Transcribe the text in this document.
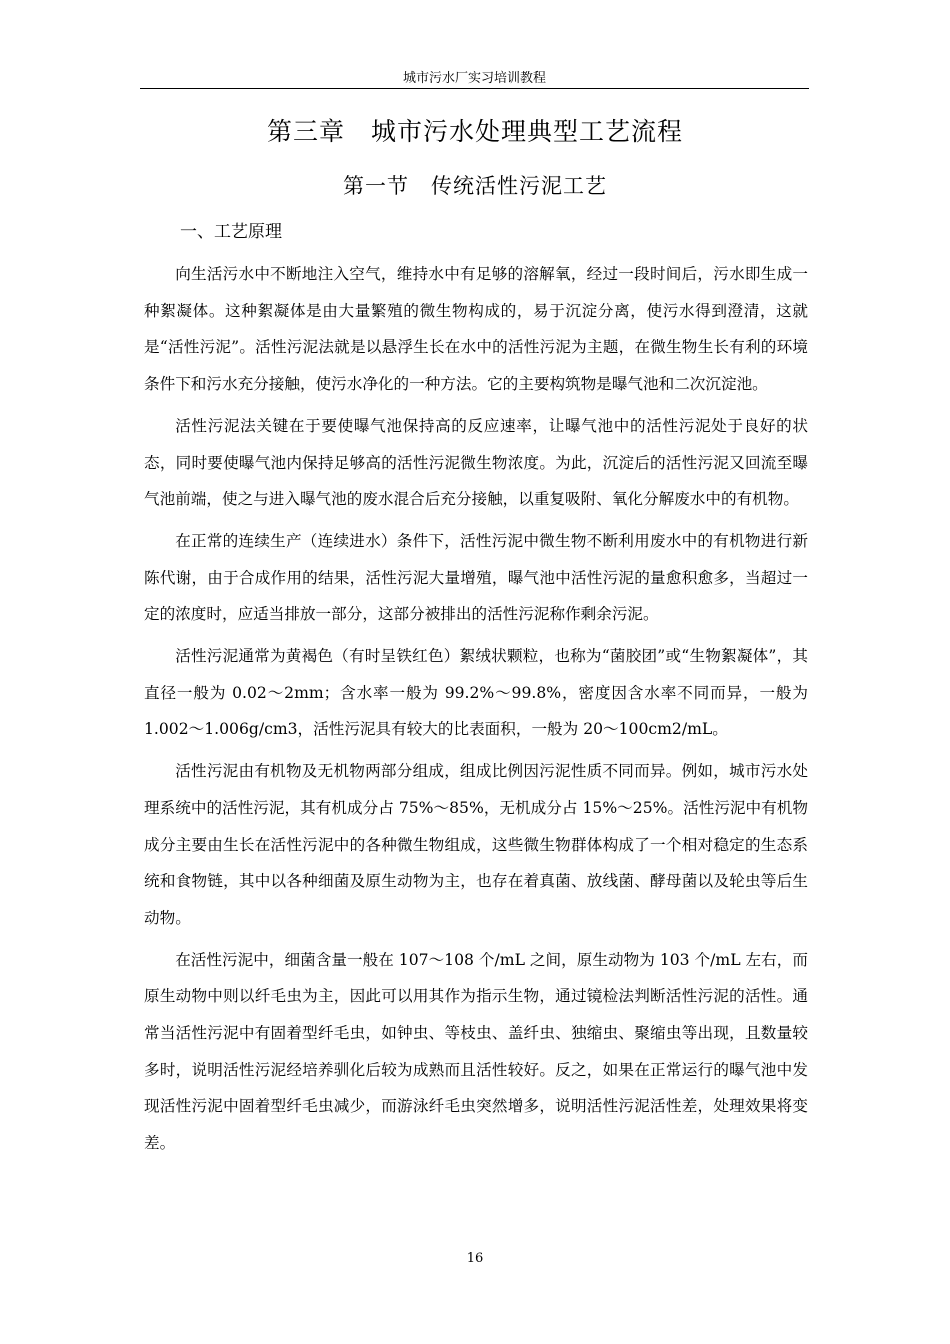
城市污水厂实习培训教程
第三章　城市污水处理典型工艺流程
第一节　传统活性污泥工艺
一、工艺原理

向生活污水中不断地注入空气，维持水中有足够的溶解氧，经过一段时间后，污水即生成一种絮凝体。这种絮凝体是由大量繁殖的微生物构成的，易于沉淀分离，使污水得到澄清，这就是“活性污泥”。活性污泥法就是以悬浮生长在水中的活性污泥为主题，在微生物生长有利的环境条件下和污水充分接触，使污水净化的一种方法。它的主要构筑物是曝气池和二次沉淀池。

活性污泥法关键在于要使曝气池保持高的反应速率，让曝气池中的活性污泥处于良好的状态，同时要使曝气池内保持足够高的活性污泥微生物浓度。为此，沉淀后的活性污泥又回流至曝气池前端，使之与进入曝气池的废水混合后充分接触，以重复吸附、氧化分解废水中的有机物。

在正常的连续生产（连续进水）条件下，活性污泥中微生物不断利用废水中的有机物进行新陈代谢，由于合成作用的结果，活性污泥大量增殖，曝气池中活性污泥的量愈积愈多，当超过一定的浓度时，应适当排放一部分，这部分被排出的活性污泥称作剩余污泥。

活性污泥通常为黄褐色（有时呈铁红色）絮绒状颗粒，也称为“菌胶团”或“生物絮凝体”，其直径一般为 0.02～2mm；含水率一般为 99.2%～99.8%，密度因含水率不同而异，一般为 1.002～1.006g/cm3，活性污泥具有较大的比表面积，一般为 20～100cm2/mL。

活性污泥由有机物及无机物两部分组成，组成比例因污泥性质不同而异。例如，城市污水处理系统中的活性污泥，其有机成分占 75%～85%，无机成分占 15%～25%。活性污泥中有机物成分主要由生长在活性污泥中的各种微生物组成，这些微生物群体构成了一个相对稳定的生态系统和食物链，其中以各种细菌及原生动物为主，也存在着真菌、放线菌、酵母菌以及轮虫等后生动物。

在活性污泥中，细菌含量一般在 107～108 个/mL 之间，原生动物为 103 个/mL 左右，而原生动物中则以纤毛虫为主，因此可以用其作为指示生物，通过镜检法判断活性污泥的活性。通常当活性污泥中有固着型纤毛虫，如钟虫、等枝虫、盖纤虫、独缩虫、聚缩虫等出现，且数量较多时，说明活性污泥经培养驯化后较为成熟而且活性较好。反之，如果在正常运行的曝气池中发现活性污泥中固着型纤毛虫减少，而游泳纤毛虫突然增多，说明活性污泥活性差，处理效果将变差。

16
